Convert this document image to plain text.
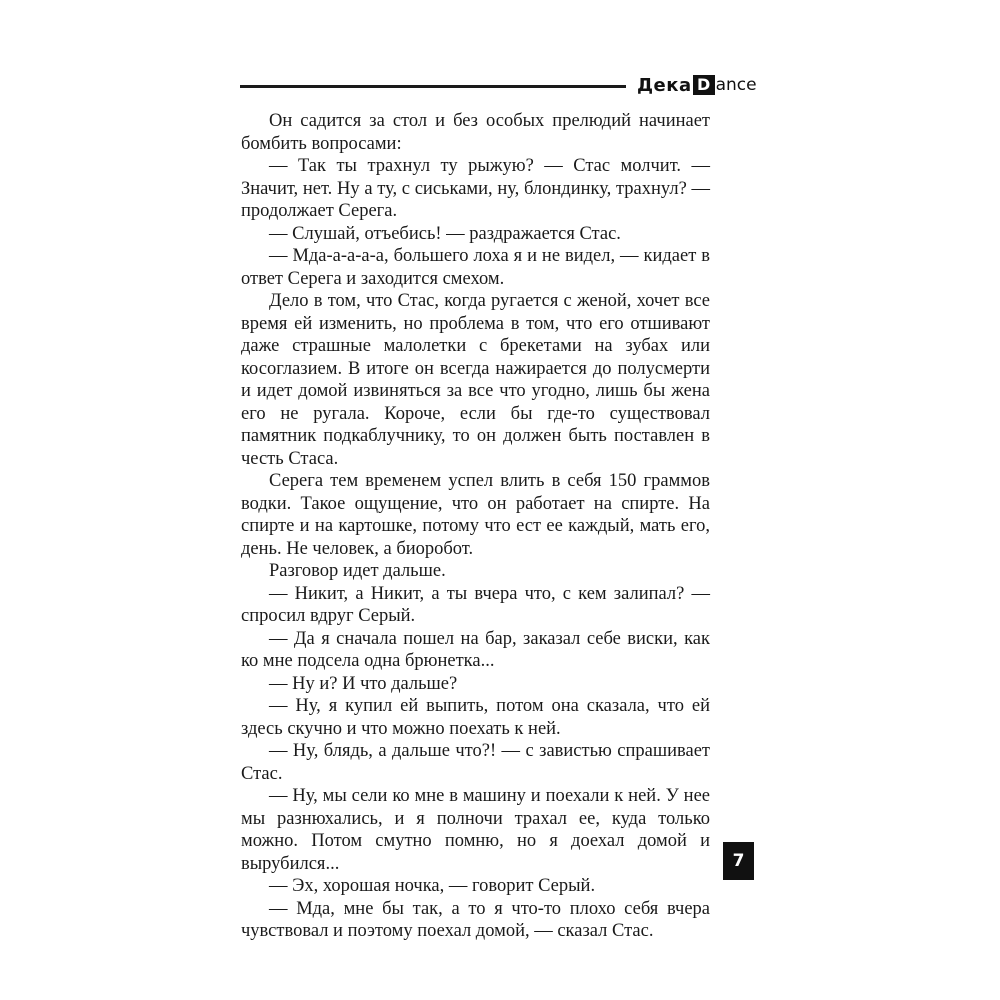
Дека D ance

Он садится за стол и без особых прелюдий начинает бомбить вопросами:

— Так ты трахнул ту рыжую? — Стас молчит. — Значит, нет. Ну а ту, с сиськами, ну, блондинку, трахнул? — продолжает Серега.

— Слушай, отъебись! — раздражается Стас.

— Мда-а-а-а-а, большего лоха я и не видел, — кидает в ответ Серега и заходится смехом.

Дело в том, что Стас, когда ругается с женой, хочет все время ей изменить, но проблема в том, что его отшивают даже страшные малолетки с брекетами на зубах или косоглазием. В итоге он всегда нажирается до полусмерти и идет домой извиняться за все что угодно, лишь бы жена его не ругала. Короче, если бы где-то существовал памятник подкаблучнику, то он должен быть поставлен в честь Стаса.

Серега тем временем успел влить в себя 150 граммов водки. Такое ощущение, что он работает на спирте. На спирте и на картошке, потому что ест ее каждый, мать его, день. Не человек, а биоробот.

Разговор идет дальше.

— Никит, а Никит, а ты вчера что, с кем залипал? — спросил вдруг Серый.

— Да я сначала пошел на бар, заказал себе виски, как ко мне подсела одна брюнетка...

— Ну и? И что дальше?

— Ну, я купил ей выпить, потом она сказала, что ей здесь скучно и что можно поехать к ней.

— Ну, блядь, а дальше что?! — с завистью спрашивает Стас.

— Ну, мы сели ко мне в машину и поехали к ней. У нее мы разнюхались, и я полночи трахал ее, куда только можно. Потом смутно помню, но я доехал домой и вырубился...

— Эх, хорошая ночка, — говорит Серый.

— Мда, мне бы так, а то я что-то плохо себя вчера чувствовал и поэтому поехал домой, — сказал Стас.

7
